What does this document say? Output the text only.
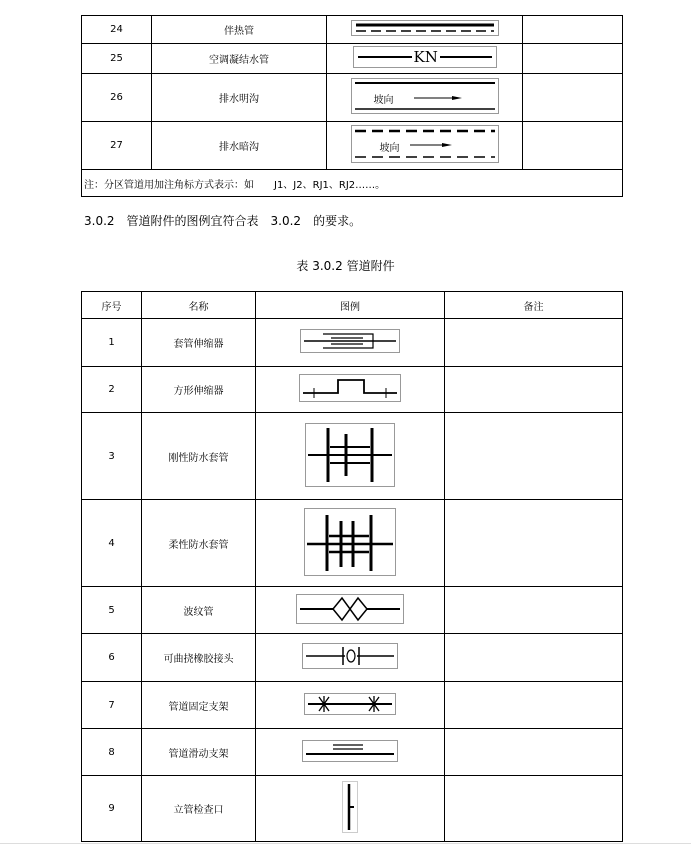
24	伴热管	

25	空调凝结水管	KN	

26	排水明沟	坡向	

27	排水暗沟	坡向	

注：分区管道用加注角标方式表示：如　　J1、J2、RJ1、RJ2……。			
3.0.2　管道附件的图例宜符合表　3.0.2　的要求。
表 3.0.2 管道附件
序号	名称	图例	备注
1	套管伸缩器	

2	方形伸缩器	

3	刚性防水套管	

4	柔性防水套管	

5	波纹管	

6	可曲挠橡胶接头	

7	管道固定支架	

8	管道滑动支架	

9	立管检查口	
